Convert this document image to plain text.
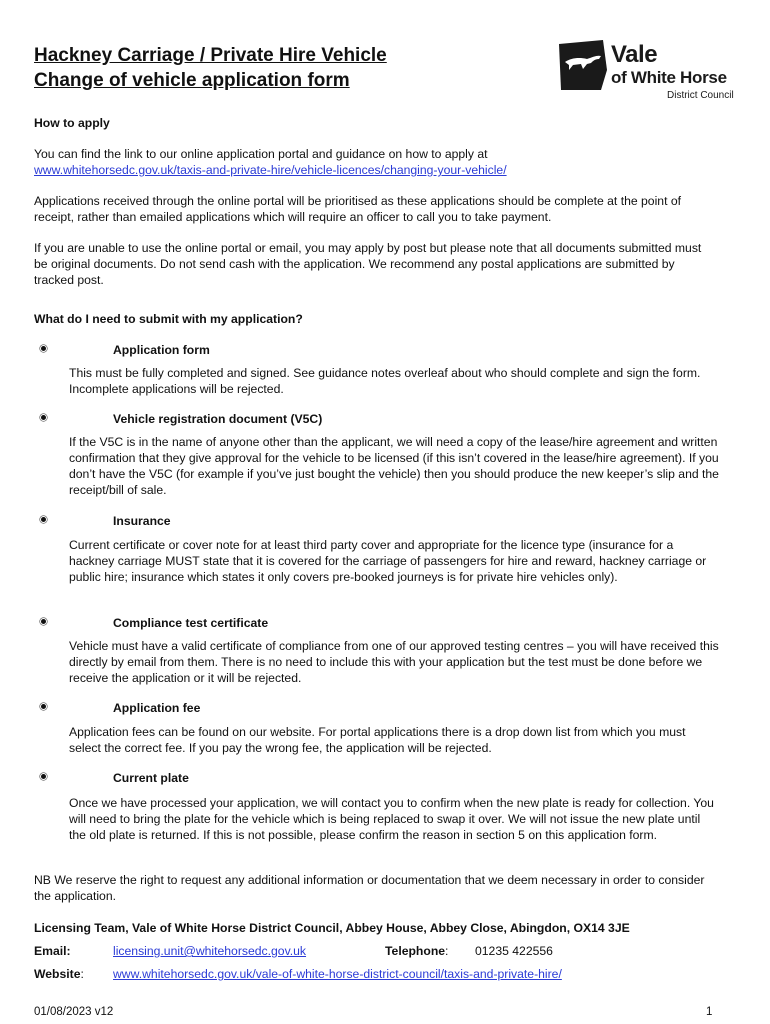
Hackney Carriage / Private Hire Vehicle
Change of vehicle application form
Vale
of White Horse
District Council
How to apply
You can find the link to our online application portal and guidance on how to apply at
www.whitehorsedc.gov.uk/taxis-and-private-hire/vehicle-licences/changing-your-vehicle/
Applications received through the online portal will be prioritised as these applications should be complete at the point of receipt, rather than emailed applications which will require an officer to call you to take payment.
If you are unable to use the online portal or email, you may apply by post but please note that all documents submitted must be original documents. Do not send cash with the application. We recommend any postal applications are submitted by tracked post.
What do I need to submit with my application?
Application form
This must be fully completed and signed. See guidance notes overleaf about who should complete and sign the form. Incomplete applications will be rejected.
Vehicle registration document (V5C)
If the V5C is in the name of anyone other than the applicant, we will need a copy of the lease/hire agreement and written confirmation that they give approval for the vehicle to be licensed (if this isn’t covered in the lease/hire agreement). If you don’t have the V5C (for example if you’ve just bought the vehicle) then you should produce the new keeper’s slip and the receipt/bill of sale.
Insurance
Current certificate or cover note for at least third party cover and appropriate for the licence type (insurance for a hackney carriage MUST state that it is covered for the carriage of passengers for hire and reward, hackney carriage or public hire; insurance which states it only covers pre-booked journeys is for private hire vehicles only).
Compliance test certificate
Vehicle must have a valid certificate of compliance from one of our approved testing centres – you will have received this directly by email from them. There is no need to include this with your application but the test must be done before we receive the application or it will be rejected.
Application fee
Application fees can be found on our website. For portal applications there is a drop down list from which you must select the correct fee. If you pay the wrong fee, the application will be rejected.
Current plate
Once we have processed your application, we will contact you to confirm when the new plate is ready for collection. You will need to bring the plate for the vehicle which is being replaced to swap it over. We will not issue the new plate until the old plate is returned. If this is not possible, please confirm the reason in section 5 on this application form.
NB We reserve the right to request any additional information or documentation that we deem necessary in order to consider the application.
Licensing Team, Vale of White Horse District Council, Abbey House, Abbey Close, Abingdon, OX14 3JE
Email:	licensing.unit@whitehorsedc.gov.uk	Telephone: 01235 422556
Website: www.whitehorsedc.gov.uk/vale-of-white-horse-district-council/taxis-and-private-hire/
01/08/2023 v12	1
